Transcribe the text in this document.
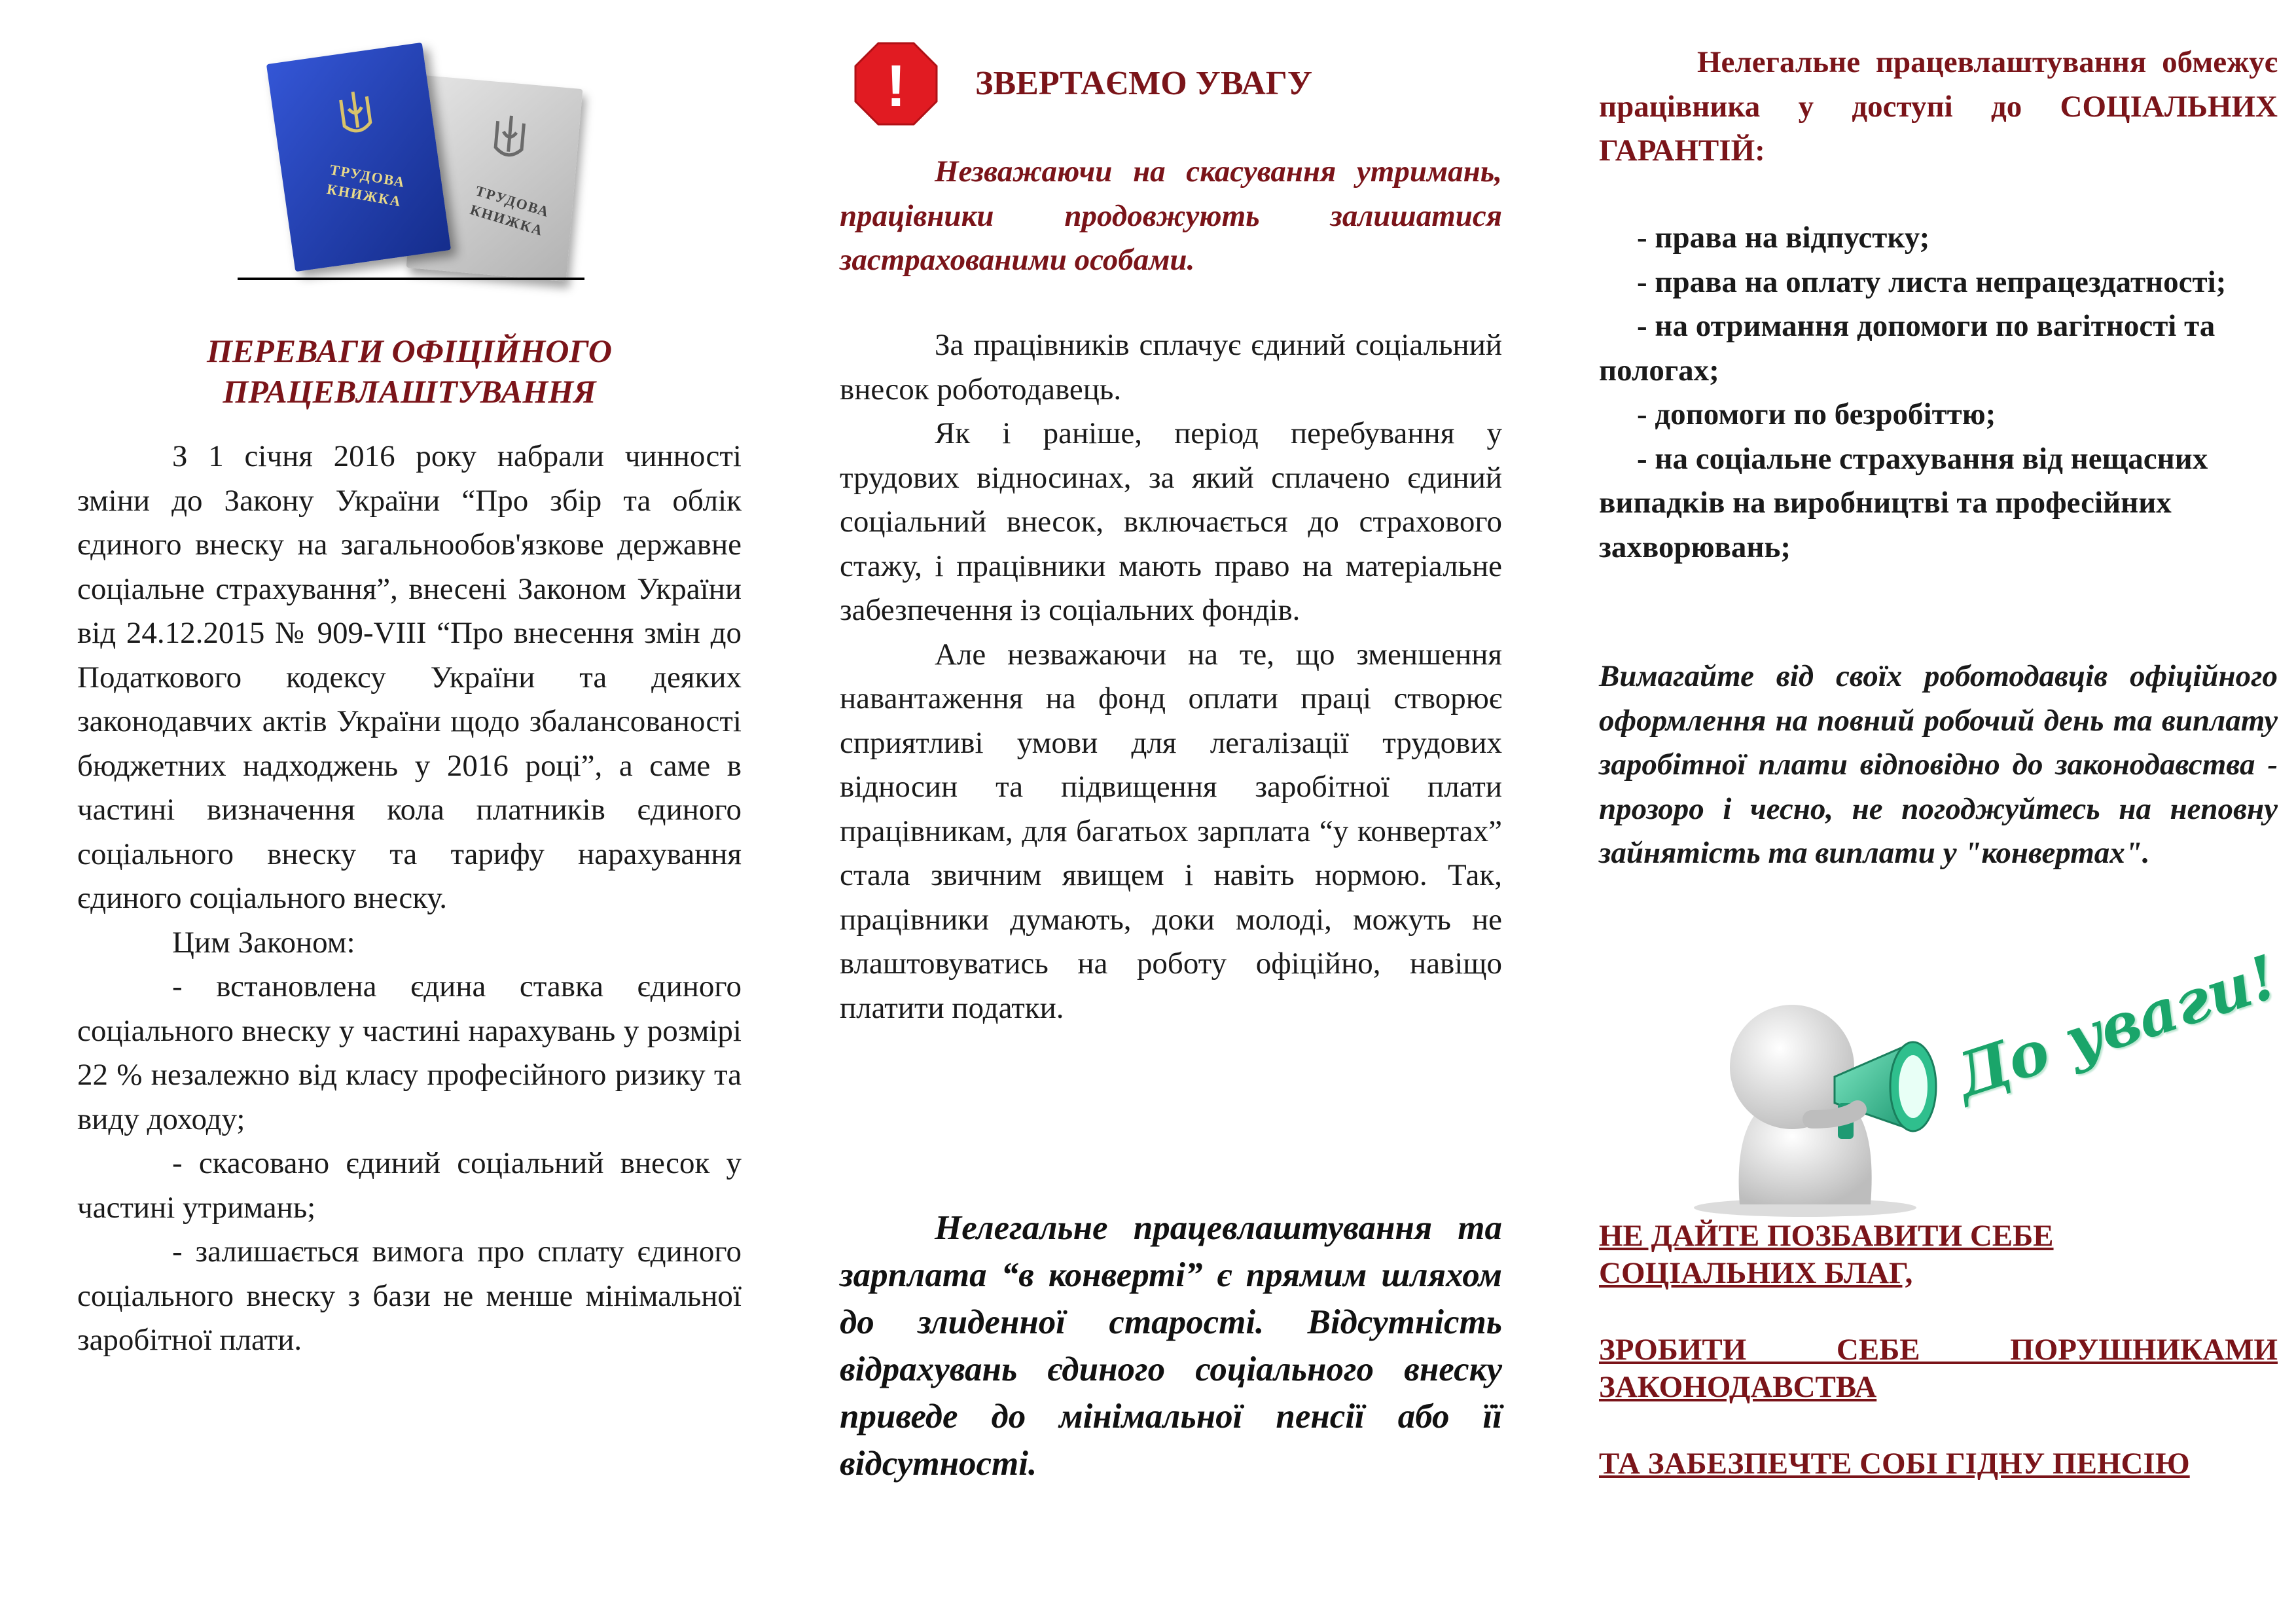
ТРУДОВА КНИЖКА
ТРУДОВА КНИЖКА
ПЕРЕВАГИ ОФІЦІЙНОГО
ПРАЦЕВЛАШТУВАННЯ

З 1 січня 2016 року набрали чинності зміни до Закону України “Про збір та облік єдиного внеску на загальнообов'язкове державне соціальне страхування”, внесені Законом України від 24.12.2015 № 909-VIII “Про внесення змін до Податкового кодексу України та деяких законодавчих актів України щодо збалансованості бюджетних надходжень у 2016 році”, а саме в частині визначення кола платників єдиного соціального внеску та тарифу нарахування єдиного соціального внеску.

Цим Законом:

- встановлена єдина ставка єдиного соціального внеску у частині нарахувань у розмірі 22 % незалежно від класу професійного ризику та виду доходу;

- скасовано єдиний соціальний внесок у частині утримань;

- залишається вимога про сплату єдиного соціального внеску з бази не менше мінімальної заробітної плати.

! ЗВЕРТАЄМО УВАГУ

Незважаючи на скасування утримань, працівники продовжують залишатися застрахованими особами.

За працівників сплачує єдиний соціальний внесок роботодавець.

Як і раніше, період перебування у трудових відносинах, за який сплачено єдиний соціальний внесок, включається до страхового стажу, і працівники мають право на матеріальне забезпечення із соціальних фондів.

Але незважаючи на те, що зменшення навантаження на фонд оплати праці створює сприятливі умови для легалізації трудових відносин та підвищення заробітної плати працівникам, для багатьох зарплата “у конвертах” стала звичним явищем і навіть нормою. Так, працівники думають, доки молоді, можуть не влаштовуватись на роботу офіційно, навіщо платити податки.

Нелегальне працевлаштування та зарплата “в конверті” є прямим шляхом до злиденної старості. Відсутність відрахувань єдиного соціального внеску приведе до мінімальної пенсії або її відсутності.

Нелегальне працевлаштування обмежує працівника у доступі до СОЦІАЛЬНИХ ГАРАНТІЙ:

- права на відпустку;

- права на оплату листа непрацездатності;

- на отримання допомоги по вагітності та пологах;

- допомоги по безробіттю;

- на соціальне страхування від нещасних випадків на виробництві та професійних захворювань;

Вимагайте від своїх роботодавців офіційного оформлення на повний робочий день та виплату заробітної плати відповідно до законодавства - прозоро і чесно, не погоджуйтесь на неповну зайнятість та виплати у "конвертах".

До уваги!

НЕ ДАЙТЕ ПОЗБАВИТИ СЕБЕ СОЦІАЛЬНИХ БЛАГ,

ЗРОБИТИ СЕБЕ ПОРУШНИКАМИ ЗАКОНОДАВСТВА

ТА ЗАБЕЗПЕЧТЕ СОБІ ГІДНУ ПЕНСІЮ
